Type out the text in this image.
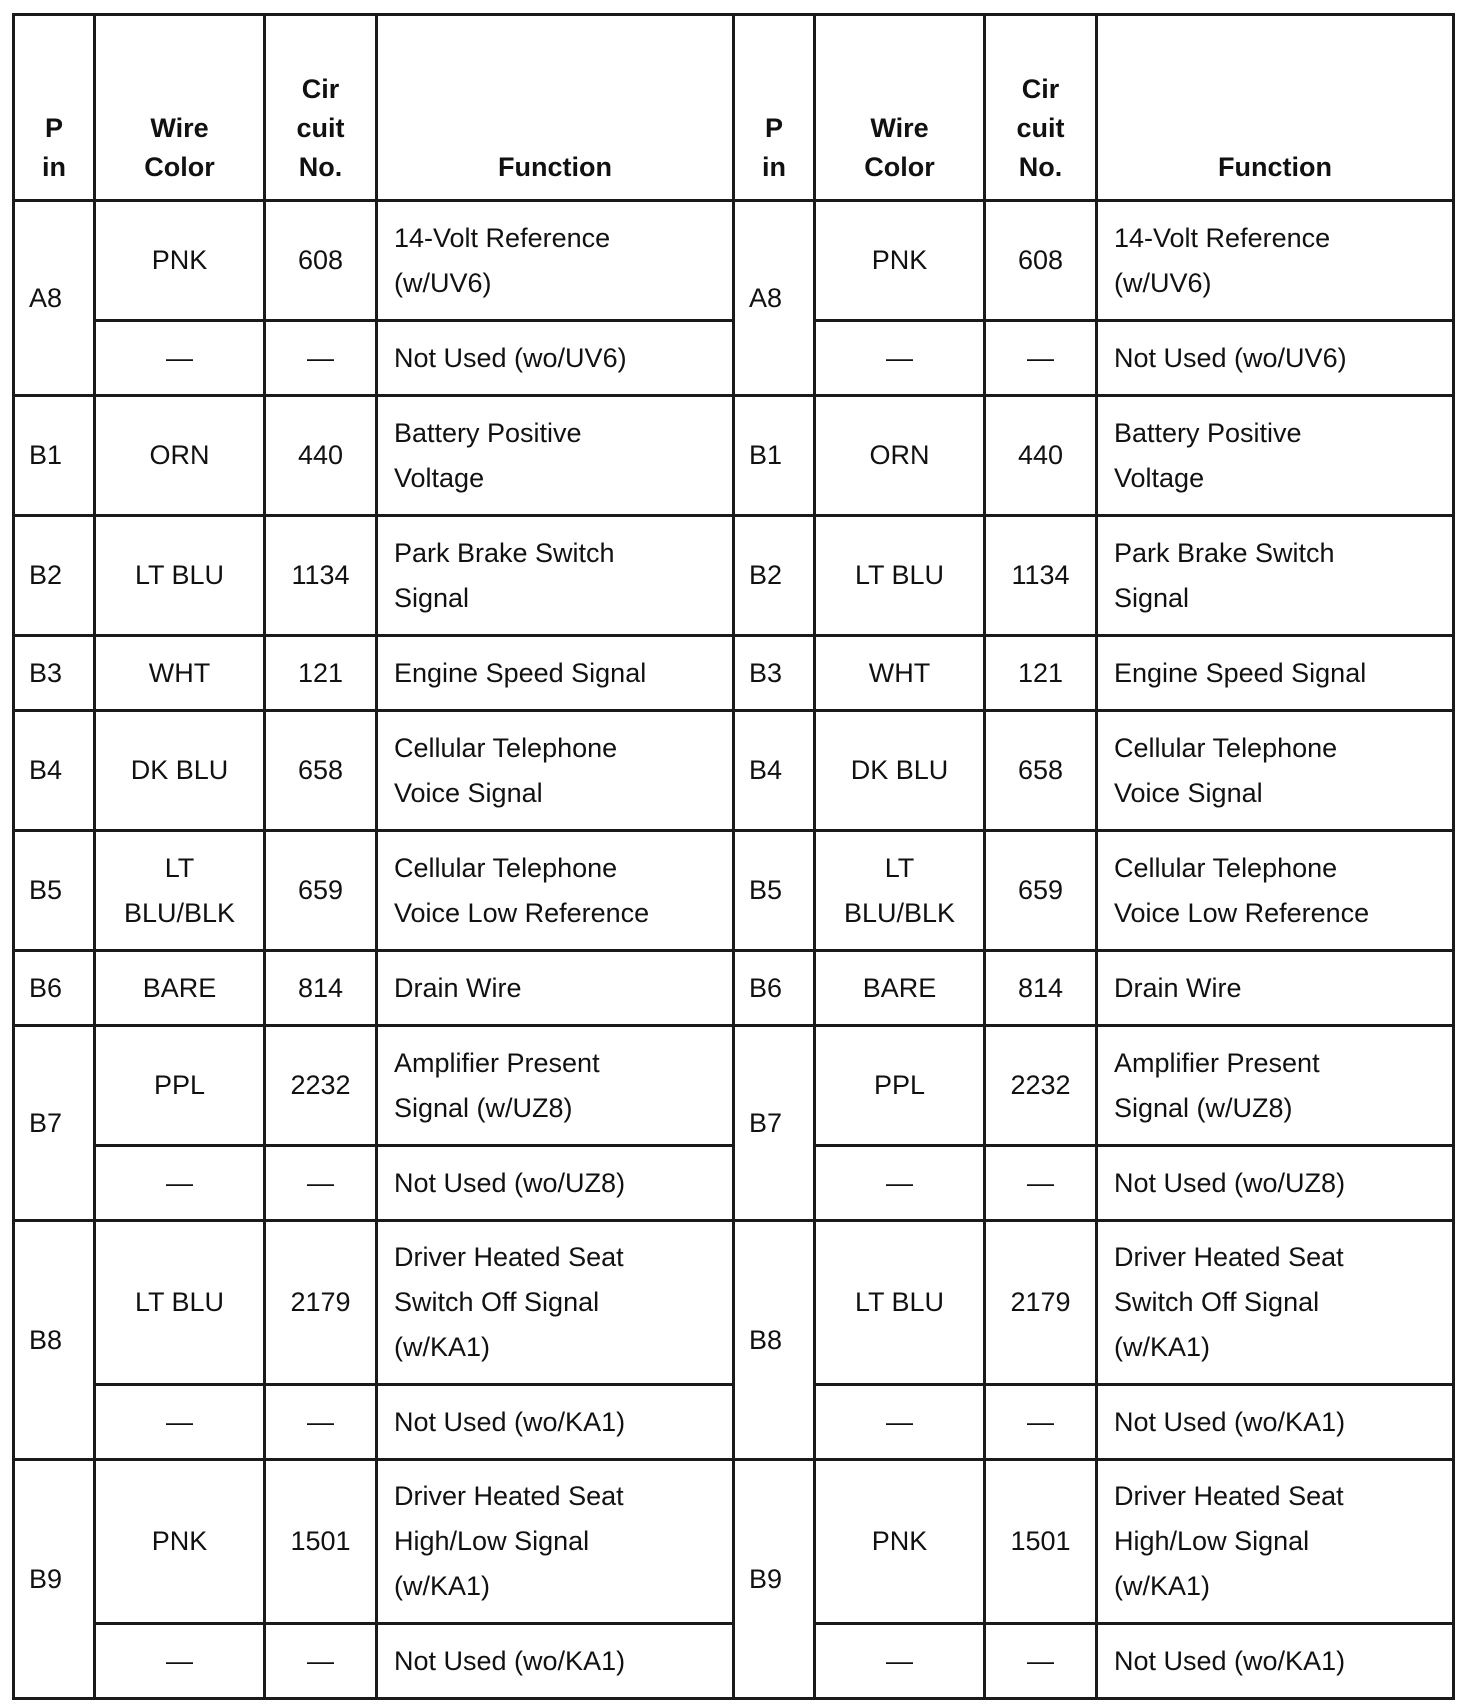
P in	Wire Color	Cir cuit No.	Function	P in	Wire Color	Cir cuit No.	Function
A8	PNK	608	14-Volt Reference (w/UV6)	A8	PNK	608	14-Volt Reference (w/UV6)
	—	—	Not Used (wo/UV6)		—	—	Not Used (wo/UV6)
B1	ORN	440	Battery Positive Voltage	B1	ORN	440	Battery Positive Voltage
B2	LT BLU	1134	Park Brake Switch Signal	B2	LT BLU	1134	Park Brake Switch Signal
B3	WHT	121	Engine Speed Signal	B3	WHT	121	Engine Speed Signal
B4	DK BLU	658	Cellular Telephone Voice Signal	B4	DK BLU	658	Cellular Telephone Voice Signal
B5	LT BLU/BLK	659	Cellular Telephone Voice Low Reference	B5	LT BLU/BLK	659	Cellular Telephone Voice Low Reference
B6	BARE	814	Drain Wire	B6	BARE	814	Drain Wire
B7	PPL	2232	Amplifier Present Signal (w/UZ8)	B7	PPL	2232	Amplifier Present Signal (w/UZ8)
	—	—	Not Used (wo/UZ8)		—	—	Not Used (wo/UZ8)
B8	LT BLU	2179	Driver Heated Seat Switch Off Signal (w/KA1)	B8	LT BLU	2179	Driver Heated Seat Switch Off Signal (w/KA1)
	—	—	Not Used (wo/KA1)		—	—	Not Used (wo/KA1)
B9	PNK	1501	Driver Heated Seat High/Low Signal (w/KA1)	B9	PNK	1501	Driver Heated Seat High/Low Signal (w/KA1)
	—	—	Not Used (wo/KA1)		—	—	Not Used (wo/KA1)
